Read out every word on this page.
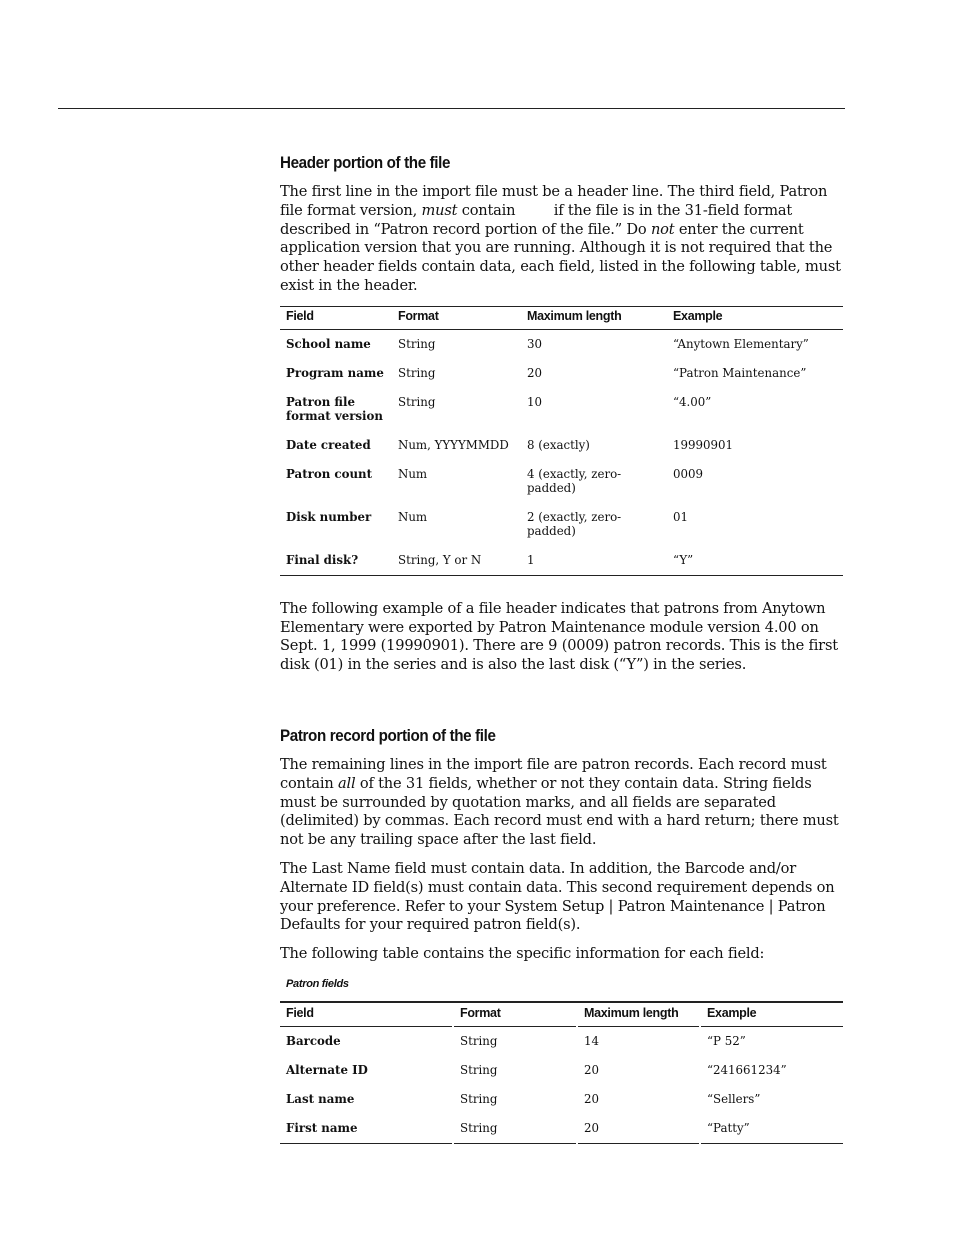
Header portion of the file

The first line in the import file must be a header line. The third field, Patron file format version, must contain if the file is in the 31-field format described in “Patron record portion of the file.” Do not enter the current application version that you are running. Although it is not required that the other header fields contain data, each field, listed in the following table, must exist in the header.

Field	Format	Maximum length	Example
School name	String	30	“Anytown Elementary”
Program name	String	20	“Patron Maintenance”
Patron file format version	String	10	“4.00”
Date created	Num, YYYYMMDD	8 (exactly)	19990901
Patron count	Num	4 (exactly, zero-padded)	0009
Disk number	Num	2 (exactly, zero-padded)	01
Final disk?	String, Y or N	1	“Y”

The following example of a file header indicates that patrons from Anytown Elementary were exported by Patron Maintenance module version 4.00 on Sept. 1, 1999 (19990901). There are 9 (0009) patron records. This is the first disk (01) in the series and is also the last disk (“Y”) in the series.

Patron record portion of the file

The remaining lines in the import file are patron records. Each record must contain all of the 31 fields, whether or not they contain data. String fields must be surrounded by quotation marks, and all fields are separated (delimited) by commas. Each record must end with a hard return; there must not be any trailing space after the last field.

The Last Name field must contain data. In addition, the Barcode and/or Alternate ID field(s) must contain data. This second requirement depends on your preference. Refer to your System Setup | Patron Maintenance | Patron Defaults for your required patron field(s).

The following table contains the specific information for each field:

Patron fields
Field	Format	Maximum length	Example
Barcode	String	14	“P 52”
Alternate ID	String	20	“241661234”
Last name	String	20	“Sellers”
First name	String	20	“Patty”
